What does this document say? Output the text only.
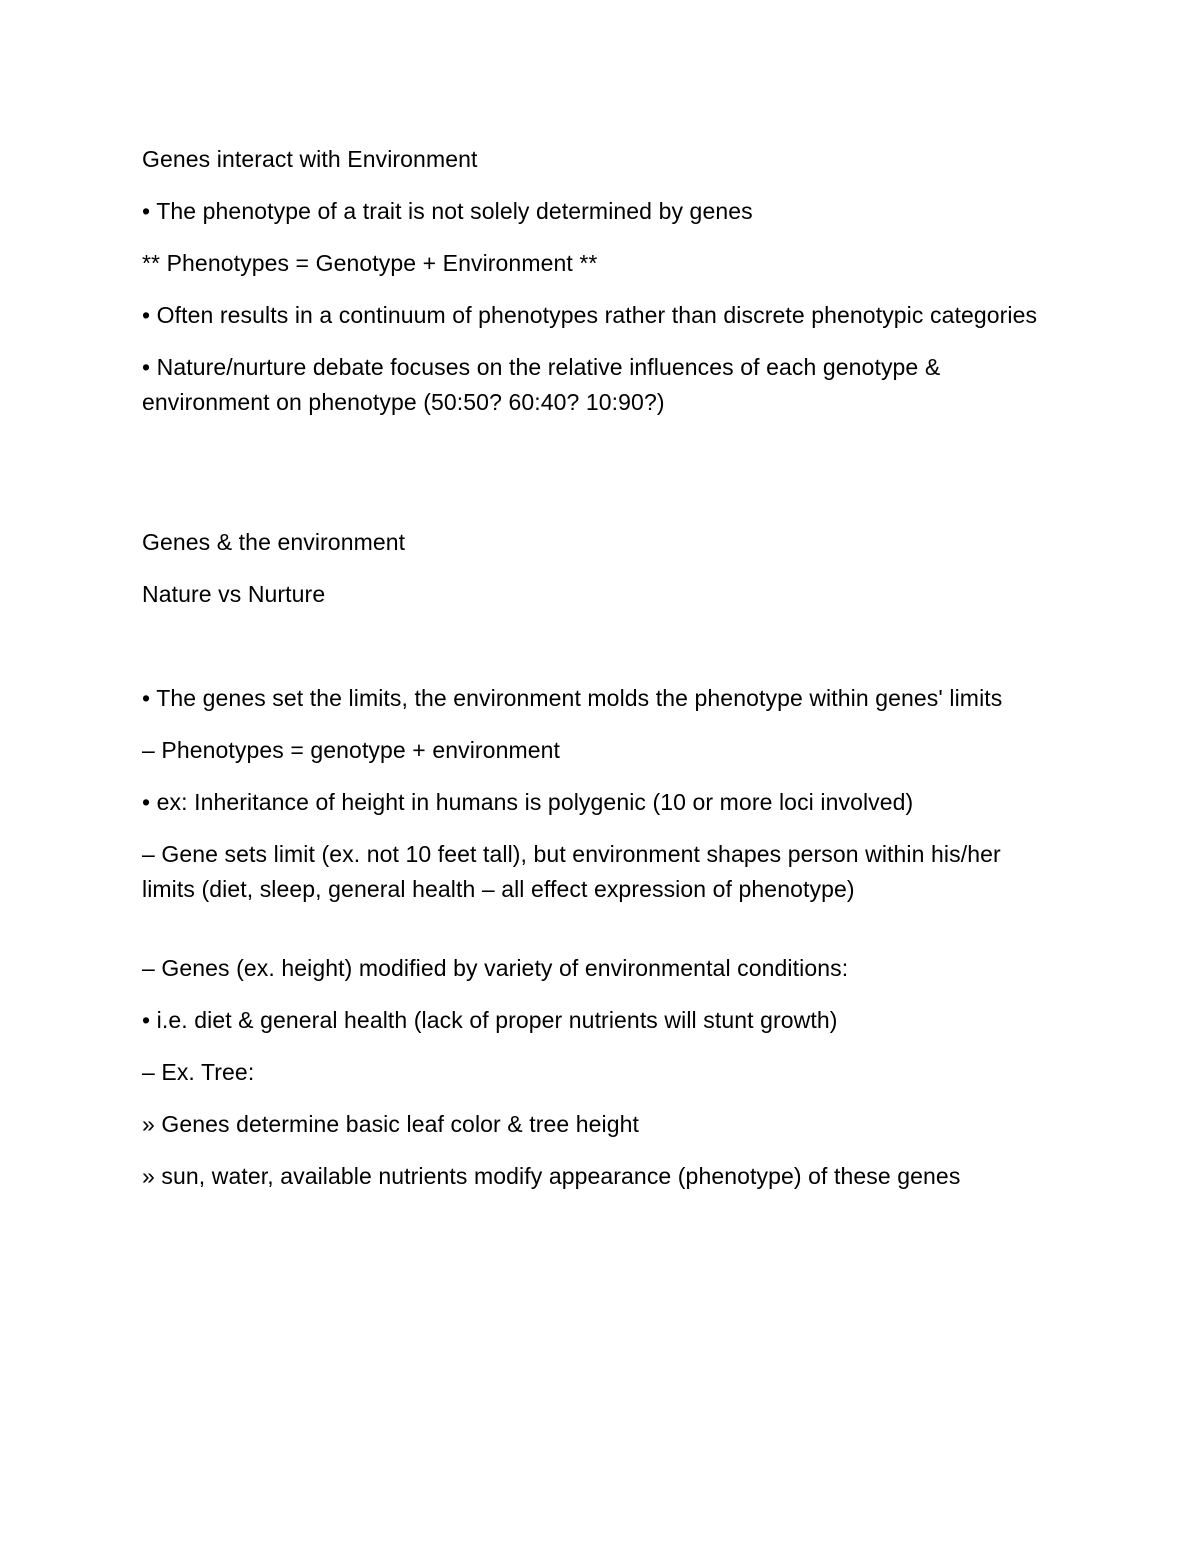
Genes interact with Environment

• The phenotype of a trait is not solely determined by genes

** Phenotypes = Genotype + Environment **

• Often results in a continuum of phenotypes rather than discrete phenotypic categories

• Nature/nurture debate focuses on the relative influences of each genotype & environment on phenotype (50:50? 60:40? 10:90?)

Genes & the environment

Nature vs Nurture

• The genes set the limits, the environment molds the phenotype within genes' limits

– Phenotypes = genotype + environment

• ex: Inheritance of height in humans is polygenic (10 or more loci involved)

– Gene sets limit (ex. not 10 feet tall), but environment shapes person within his/her limits (diet, sleep, general health – all effect expression of phenotype)

– Genes (ex. height) modified by variety of environmental conditions:

• i.e. diet & general health (lack of proper nutrients will stunt growth)

– Ex. Tree:

» Genes determine basic leaf color & tree height

» sun, water, available nutrients modify appearance (phenotype) of these genes
